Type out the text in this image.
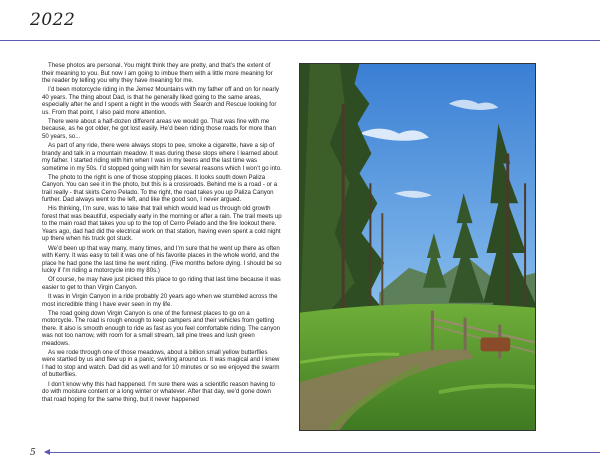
2022

These photos are personal. You might think they are pretty, and that’s the extent of their meaning to you. But now I am going to imbue them with a little more meaning for the reader by telling you why they have meaning for me.

I’d been motorcycle riding in the Jemez Mountains with my father off and on for nearly 40 years. The thing about Dad, is that he generally liked going to the same areas, especially after he and I spent a night in the woods with Search and Rescue looking for us. From that point, I also paid more attention.

There were about a half-dozen different areas we would go. That was fine with me because, as he got older, he got lost easily. He’d been riding those roads for more than 50 years, so...

As part of any ride, there were always stops to pee, smoke a cigarette, have a sip of brandy and talk in a mountain meadow. It was during these stops where I learned about my father. I started riding with him when I was in my teens and the last time was sometime in my 50s. I’d stopped going with him for several reasons which I won’t go into.

The photo to the right is one of those stopping places. It looks south down Paliza Canyon. You can see it in the photo, but this is a crossroads. Behind me is a road - or a trail really - that skirts Cerro Pelado. To the right, the road takes you up Paliza Canyon further. Dad always went to the left, and like the good son, I never argued.

His thinking, I’m sure, was to take that trail which would lead us through old growth forest that was beautiful, especially early in the morning or after a rain. The trail meets up to the main road that takes you up to the top of Cerro Pelado and the fire lookout there. Years ago, dad had did the electrical work on that station, having even spent a cold night up there when his truck got stuck.

We’d been up that way many, many times, and I’m sure that he went up there as often with Kerry. It was easy to tell it was one of his favorite places in the whole world, and the place he had gone the last time he went riding. (Five months before dying. I should be so lucky if I’m riding a motorcycle into my 80s.)

Of course, he may have just picked this place to go riding that last time because it was easier to get to than Virgin Canyon.

It was in Virgin Canyon in a ride probably 20 years ago when we stumbled across the most incredible thing I have ever seen in my life.

The road going down Virgin Canyon is one of the funnest places to go on a motorcycle. The road is rough enough to keep campers and their vehicles from getting there. It also is smooth enough to ride as fast as you feel comfortable riding. The canyon was not too narrow, with room for a small stream, tall pine trees and lush green meadows.

As we rode through one of those meadows, about a billion small yellow butterflies were startled by us and flew up in a panic, swirling around us. It was magical and I knew I had to stop and watch. Dad did as well and for 10 minutes or so we enjoyed the swarm of butterflies.

I don’t know why this had happened. I’m sure there was a scientific reason having to do with moisture content or a long winter or whatever. After that day, we’d gone down that road hoping for the same thing, but it never happened

5
